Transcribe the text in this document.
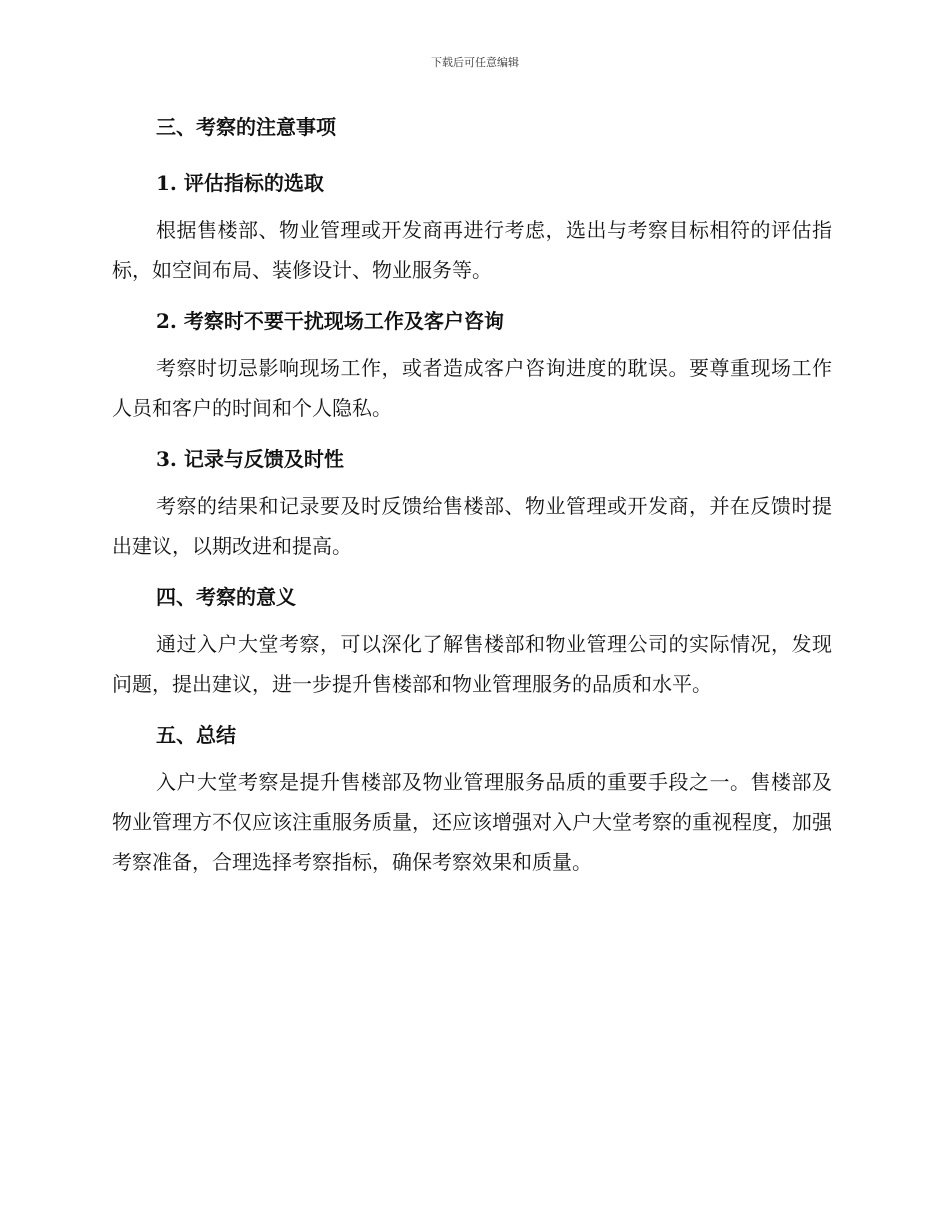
下载后可任意编辑
三、考察的注意事项
1. 评估指标的选取

根据售楼部、物业管理或开发商再进行考虑，选出与考察目标相符的评估指标，如空间布局、装修设计、物业服务等。

2. 考察时不要干扰现场工作及客户咨询

考察时切忌影响现场工作，或者造成客户咨询进度的耽误。要尊重现场工作人员和客户的时间和个人隐私。

3. 记录与反馈及时性

考察的结果和记录要及时反馈给售楼部、物业管理或开发商，并在反馈时提出建议，以期改进和提高。

四、考察的意义

通过入户大堂考察，可以深化了解售楼部和物业管理公司的实际情况，发现问题，提出建议，进一步提升售楼部和物业管理服务的品质和水平。

五、总结

入户大堂考察是提升售楼部及物业管理服务品质的重要手段之一。售楼部及物业管理方不仅应该注重服务质量，还应该增强对入户大堂考察的重视程度，加强考察准备，合理选择考察指标，确保考察效果和质量。
